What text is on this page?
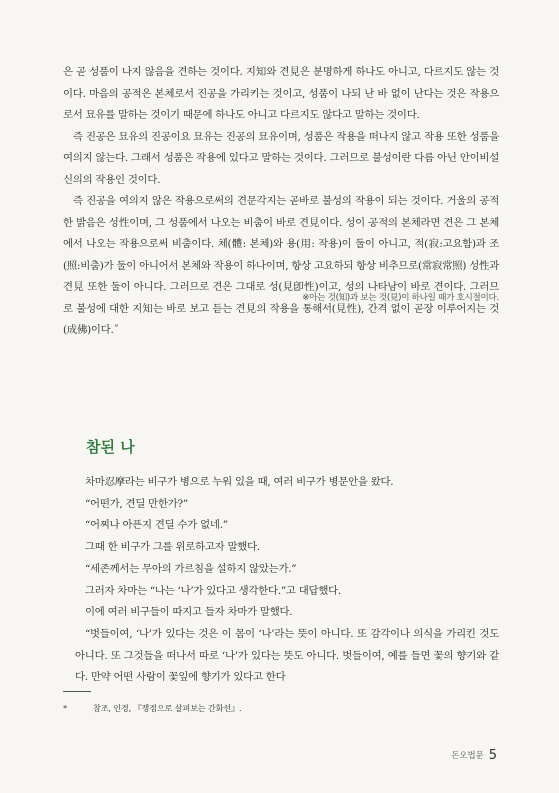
은 곧 성품이 나지 않음을 견하는 것이다. 지知와 견見은 분명하게 하나도 아니고, 다르지도 않는 것이다. 마음의 공적은 본체로서 진공을 가리키는 것이고, 성품이 나되 난 바 없이 난다는 것은 작용으로서 묘유를 말하는 것이기 때문에 하나도 아니고 다르지도 않다고 말하는 것이다.

즉 진공은 묘유의 진공이요 묘유는 진공의 묘유이며, 성품은 작용을 떠나지 않고 작용 또한 성품을 여의지 않는다. 그래서 성품은 작용에 있다고 말하는 것이다. 그러므로 불성이란 다름 아닌 안이비설신의의 작용인 것이다.

즉 진공을 여의지 않은 작용으로써의 견문각지는 곧바로 불성의 작용이 되는 것이다. 거울의 공적한 밝음은 성性이며, 그 성품에서 나오는 비춤이 바로 견見이다. 성이 공적의 본체라면 견은 그 본체에서 나오는 작용으로써 비춤이다. 체(體: 본체)와 용(用: 작용)이 둘이 아니고, 적(寂:고요함)과 조(照:비춤)가 둘이 아니어서 본체와 작용이 하나이며, 항상 고요하되 항상 비추므로(常寂常照) 성性과 견見 또한 둘이 아니다. 그러므로 견은 그대로 성(見卽性)이고, 성의 나타남이 바로 견이다. 그러므로 불성에 대한 지知는 바로 보고 듣는 견見의 작용을 통해서(見性), 간격 없이 곧장 이루어지는 것(成佛)이다.˝

※아는 것(知)과 보는 것(見)이 하나일 때가 호시절이다.
참된 나

차마忍摩라는 비구가 병으로 누워 있을 때, 여러 비구가 병문안을 왔다.

“어떤가, 견딜 만한가?”

“어찌나 아픈지 견딜 수가 없네.”

그때 한 비구가 그를 위로하고자 말했다.

“세존께서는 무아의 가르침을 설하지 않았는가.”

그러자 차마는 “나는 ‘나’가 있다고 생각한다.”고 대답했다.

이에 여러 비구들이 따지고 들자 차마가 말했다.

“벗들이여, ‘나’가 있다는 것은 이 몸이 ‘나’라는 뜻이 아니다. 또 감각이나 의식을 가리킨 것도 아니다. 또 그것들을 떠나서 따로 ‘나’가 있다는 뜻도 아니다. 벗들이여, 예를 들면 꽃의 향기와 같다. 만약 어떤 사람이 꽃잎에 향기가 있다고 한다

*	참조, 인경, 『쟁점으로 살펴보는 간화선』.
돈오법문 5
